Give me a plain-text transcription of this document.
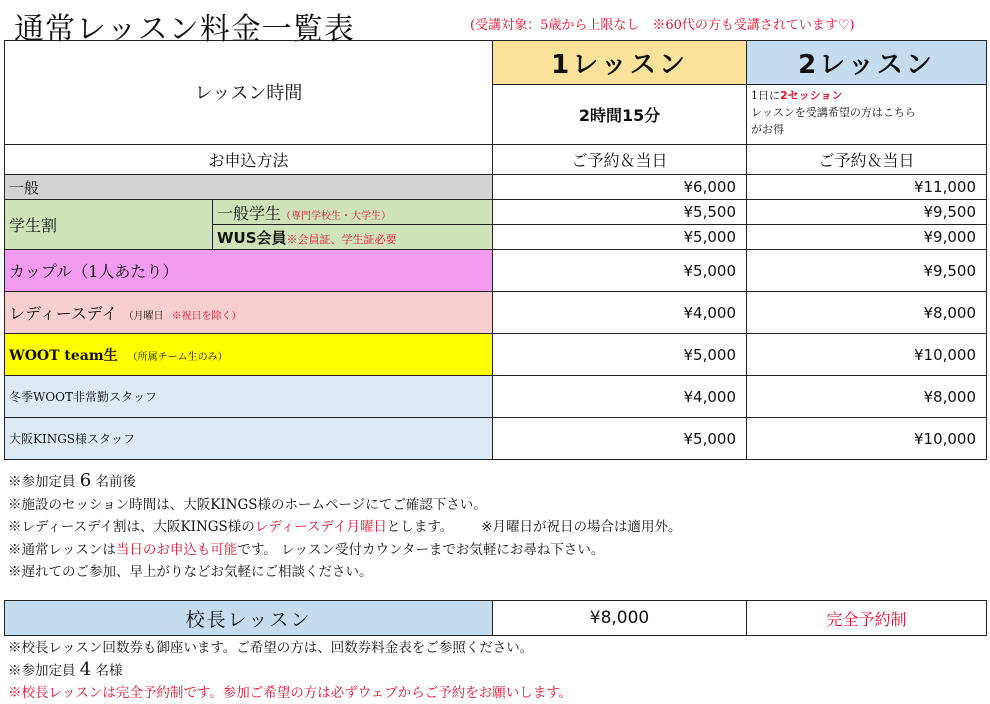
通常レッスン料金一覧表	(受講対象：5歳から上限なし　※60代の方も受講されています♡)
レッスン時間		1レッスン	2レッスン
		2時間15分	1日に2セッション
レッスンを受講希望の方はこちら
がお得
お申込方法		ご予約＆当日	ご予約＆当日
一般		¥6,000	¥11,000
学生割	一般学生（専門学校生・大学生）	¥5,500	¥9,500
	WUS会員※会員証、学生証必要	¥5,000	¥9,000
カップル（1人あたり）		¥5,000	¥9,500
レディースデイ （月曜日 ※祝日を除く）		¥4,000	¥8,000
WOOT team生 （所属チーム生のみ）		¥5,000	¥10,000
冬季WOOT非常勤スタッフ		¥4,000	¥8,000
大阪KINGS様スタッフ		¥5,000	¥10,000
※参加定員 6 名前後
※施設のセッション時間は、大阪KINGS様のホームページにてご確認下さい。
※レディースデイ割は、大阪KINGS様のレディースデイ月曜日とします。 ※月曜日が祝日の場合は適用外。
※通常レッスンは当日のお申込も可能です。 レッスン受付カウンターまでお気軽にお尋ね下さい。
※遅れてのご参加、早上がりなどお気軽にご相談ください。
校長レッスン	¥8,000	完全予約制
※校長レッスン回数券も御座います。ご希望の方は、回数券料金表をご参照ください。
※参加定員 4 名様
※校長レッスンは完全予約制です。参加ご希望の方は必ずウェブからご予約をお願いします。
